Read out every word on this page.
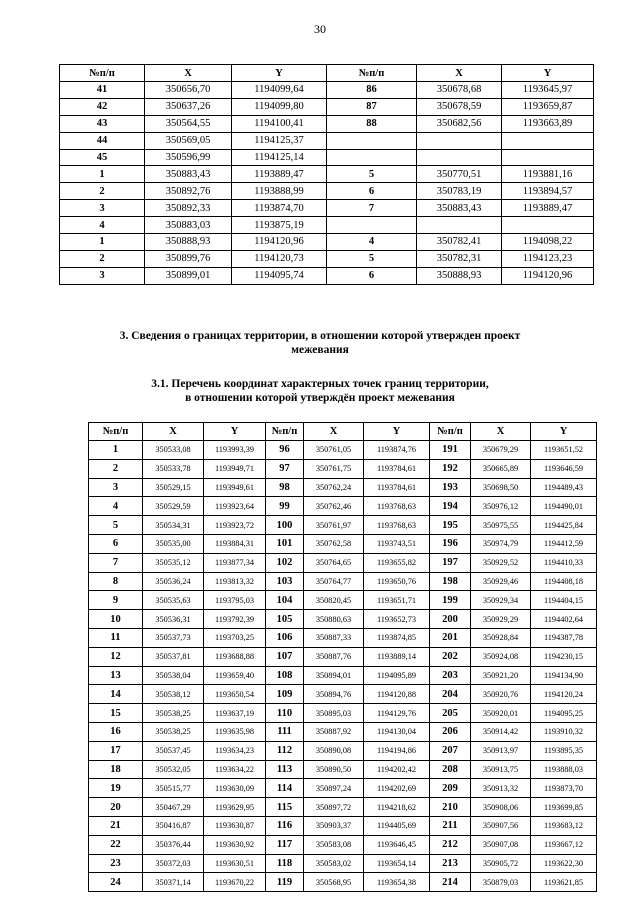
30
№п/п	X	Y	№п/п	X	Y
41	350656,70	1194099,64	86	350678,68	1193645,97
42	350637,26	1194099,80	87	350678,59	1193659,87
43	350564,55	1194100,41	88	350682,56	1193663,89
44	350569,05	1194125,37			
45	350596,99	1194125,14			
1	350883,43	1193889,47	5	350770,51	1193881,16
2	350892,76	1193888,99	6	350783,19	1193894,57
3	350892,33	1193874,70	7	350883,43	1193889,47
4	350883,03	1193875,19			
1	350888,93	1194120,96	4	350782,41	1194098,22
2	350899,76	1194120,73	5	350782,31	1194123,23
3	350899,01	1194095,74	6	350888,93	1194120,96
3. Сведения о границах территории, в отношении которой утвержден проект
межевания
3.1. Перечень координат характерных точек границ территории,
в отношении которой утверждён проект межевания
№п/п	X	Y	№п/п	X	Y	№п/п	X	Y
1	350533,08	1193993,39	96	350761,05	1193874,76	191	350679,29	1193651,52
2	350533,78	1193949,71	97	350761,75	1193784,61	192	350665,89	1193646,59
3	350529,15	1193949,61	98	350762,24	1193784,61	193	350698,50	1194489,43
4	350529,59	1193923,64	99	350762,46	1193768,63	194	350976,12	1194490,01
5	350534,31	1193923,72	100	350761,97	1193768,63	195	350975,55	1194425,84
6	350535,00	1193884,31	101	350762,58	1193743,51	196	350974,79	1194412,59
7	350535,12	1193877,34	102	350764,65	1193655,82	197	350929,52	1194410,33
8	350536,24	1193813,32	103	350764,77	1193650,76	198	350929,46	1194408,18
9	350535,63	1193795,03	104	350820,45	1193651,71	199	350929,34	1194404,15
10	350536,31	1193792,39	105	350880,63	1193652,73	200	350929,29	1194402,64
11	350537,73	1193703,25	106	350887,33	1193874,85	201	350928,84	1194387,78
12	350537,81	1193688,88	107	350887,76	1193889,14	202	350924,08	1194230,15
13	350538,04	1193659,40	108	350894,01	1194095,89	203	350921,20	1194134,90
14	350538,12	1193650,54	109	350894,76	1194120,88	204	350920,76	1194120,24
15	350538,25	1193637,19	110	350895,03	1194129,76	205	350920,01	1194095,25
16	350538,25	1193635,98	111	350887,92	1194130,04	206	350914,42	1193910,32
17	350537,45	1193634,23	112	350890,08	1194194,86	207	350913,97	1193895,35
18	350532,05	1193634,22	113	350890,50	1194202,42	208	350913,75	1193888,03
19	350515,77	1193630,09	114	350897,24	1194202,69	209	350913,32	1193873,70
20	350467,29	1193629,95	115	350897,72	1194218,62	210	350908,06	1193699,85
21	350416,87	1193630,87	116	350903,37	1194405,69	211	350907,56	1193683,12
22	350376,44	1193630,92	117	350583,08	1193646,45	212	350907,08	1193667,12
23	350372,03	1193630,51	118	350583,02	1193654,14	213	350905,72	1193622,30
24	350371,14	1193670,22	119	350568,95	1193654,38	214	350879,03	1193621,85
